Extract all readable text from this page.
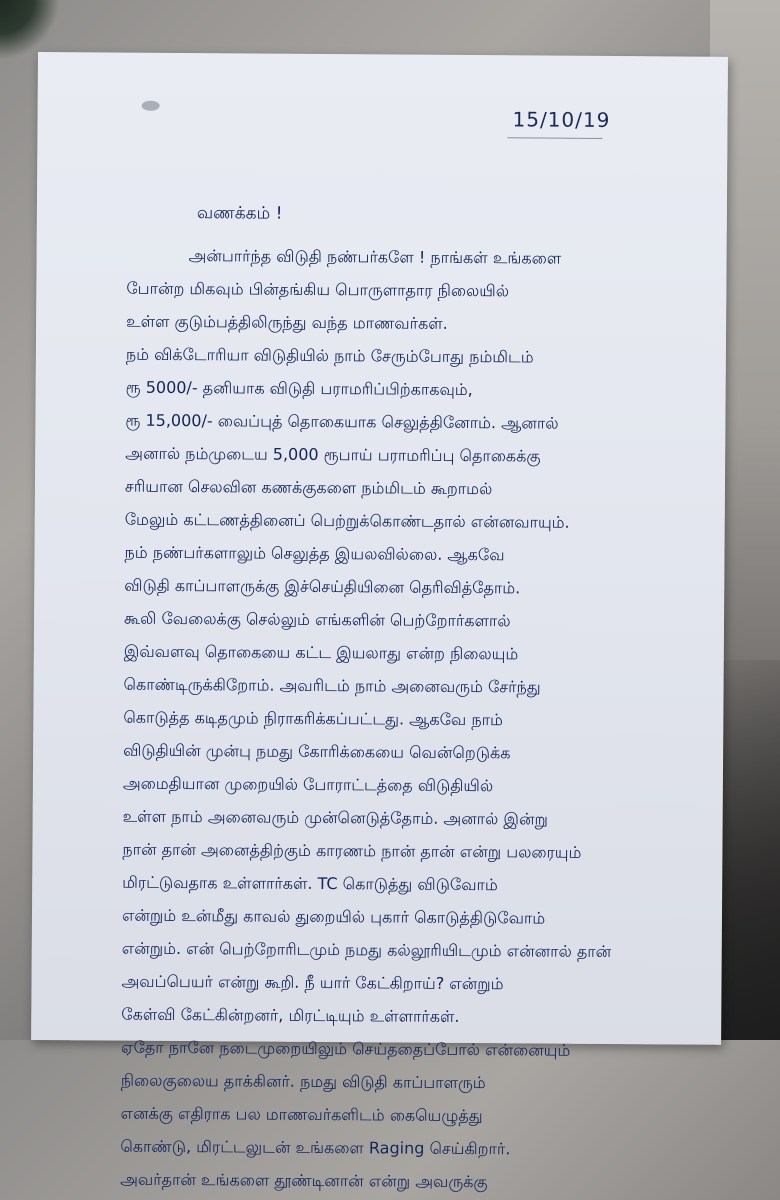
15/10/19
வணக்கம் !
அன்பார்ந்த விடுதி நண்பர்களே ! நாங்கள் உங்களை
போன்ற மிகவும் பின்தங்கிய பொருளாதார நிலையில்
உள்ள குடும்பத்திலிருந்து வந்த மாணவர்கள்.
நம் விக்டோரியா விடுதியில் நாம் சேரும்போது நம்மிடம்
ரூ 5000/- தனியாக விடுதி பராமரிப்பிற்காகவும்,
ரூ 15,000/- வைப்புத் தொகையாக செலுத்தினோம். ஆனால்
அனால் நம்முடைய 5,000 ரூபாய் பராமரிப்பு தொகைக்கு
சரியான செலவின கணக்குகளை நம்மிடம் கூறாமல்
மேலும் கட்டணத்தினைப் பெற்றுக்கொண்டதால் என்னவாயும்.
நம் நண்பர்களாலும் செலுத்த இயலவில்லை. ஆகவே
விடுதி காப்பாளருக்கு இச்செய்தியினை தெரிவித்தோம்.
கூலி வேலைக்கு செல்லும் எங்களின் பெற்றோர்களால்
இவ்வளவு தொகையை கட்ட இயலாது என்ற நிலையும்
கொண்டிருக்கிறோம். அவரிடம் நாம் அனைவரும் சேர்ந்து
கொடுத்த கடிதமும் நிராகரிக்கப்பட்டது. ஆகவே நாம்
விடுதியின் முன்பு நமது கோரிக்கையை வென்றெடுக்க
அமைதியான முறையில் போராட்டத்தை விடுதியில்
உள்ள நாம் அனைவரும் முன்னெடுத்தோம். அனால் இன்று
நான் தான் அனைத்திற்கும் காரணம் நான் தான் என்று பலரையும்
மிரட்டுவதாக உள்ளார்கள். TC கொடுத்து விடுவோம்
என்றும் உன்மீது காவல் துறையில் புகார் கொடுத்திடுவோம்
என்றும். என் பெற்றோரிடமும் நமது கல்லூரியிடமும் என்னால் தான்
அவப்பெயர் என்று கூறி. நீ யார் கேட்கிறாய்? என்றும்
கேள்வி கேட்கின்றனர், மிரட்டியும் உள்ளார்கள்.
ஏதோ நானே நடைமுறையிலும் செய்ததைப்போல் என்னையும்
நிலைகுலைய தாக்கினர். நமது விடுதி காப்பாளரும்
எனக்கு எதிராக பல மாணவர்களிடம் கையெழுத்து
கொண்டு, மிரட்டலுடன் உங்களை Raging செய்கிறார்.
அவர்தான் உங்களை தூண்டினான் என்று அவருக்கு
